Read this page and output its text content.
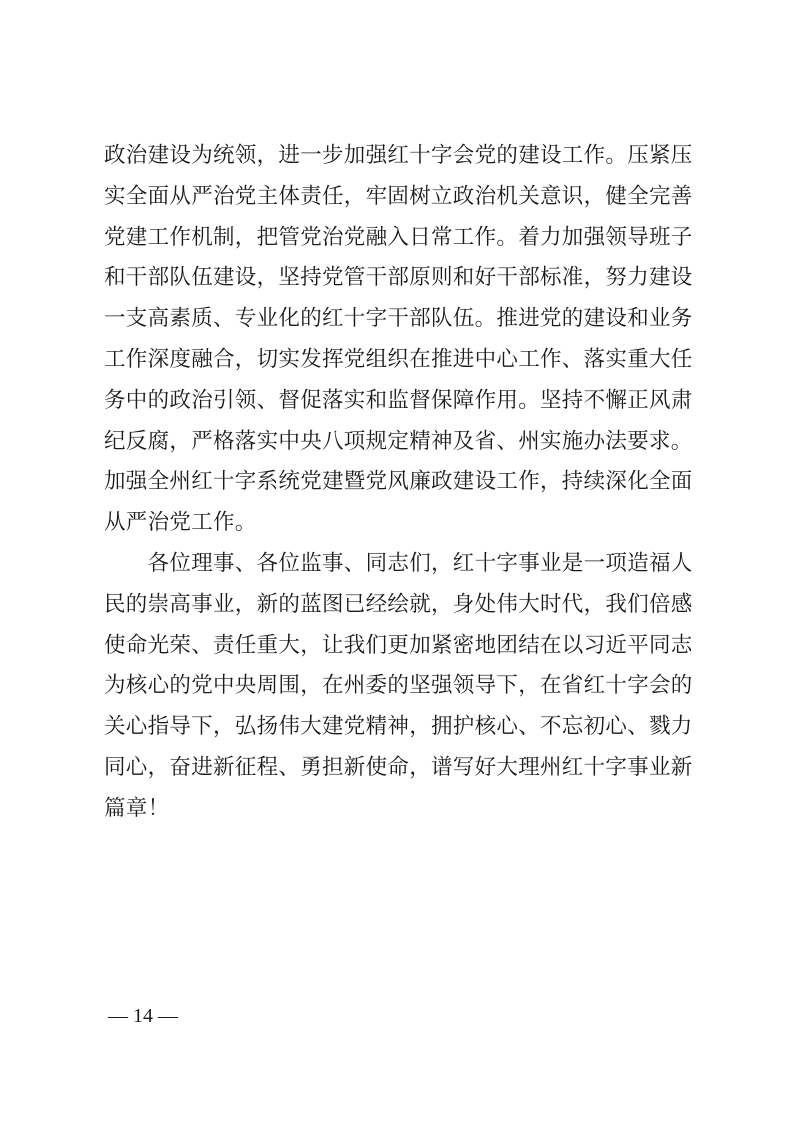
政治建设为统领，进一步加强红十字会党的建设工作。压紧压
实全面从严治党主体责任，牢固树立政治机关意识，健全完善
党建工作机制，把管党治党融入日常工作。着力加强领导班子
和干部队伍建设，坚持党管干部原则和好干部标准，努力建设
一支高素质、专业化的红十字干部队伍。推进党的建设和业务
工作深度融合，切实发挥党组织在推进中心工作、落实重大任
务中的政治引领、督促落实和监督保障作用。坚持不懈正风肃
纪反腐，严格落实中央八项规定精神及省、州实施办法要求。
加强全州红十字系统党建暨党风廉政建设工作，持续深化全面
从严治党工作。
　　各位理事、各位监事、同志们，红十字事业是一项造福人
民的崇高事业，新的蓝图已经绘就，身处伟大时代，我们倍感
使命光荣、责任重大，让我们更加紧密地团结在以习近平同志
为核心的党中央周围，在州委的坚强领导下，在省红十字会的
关心指导下，弘扬伟大建党精神，拥护核心、不忘初心、戮力
同心，奋进新征程、勇担新使命，谱写好大理州红十字事业新
篇章！
— 14 —
